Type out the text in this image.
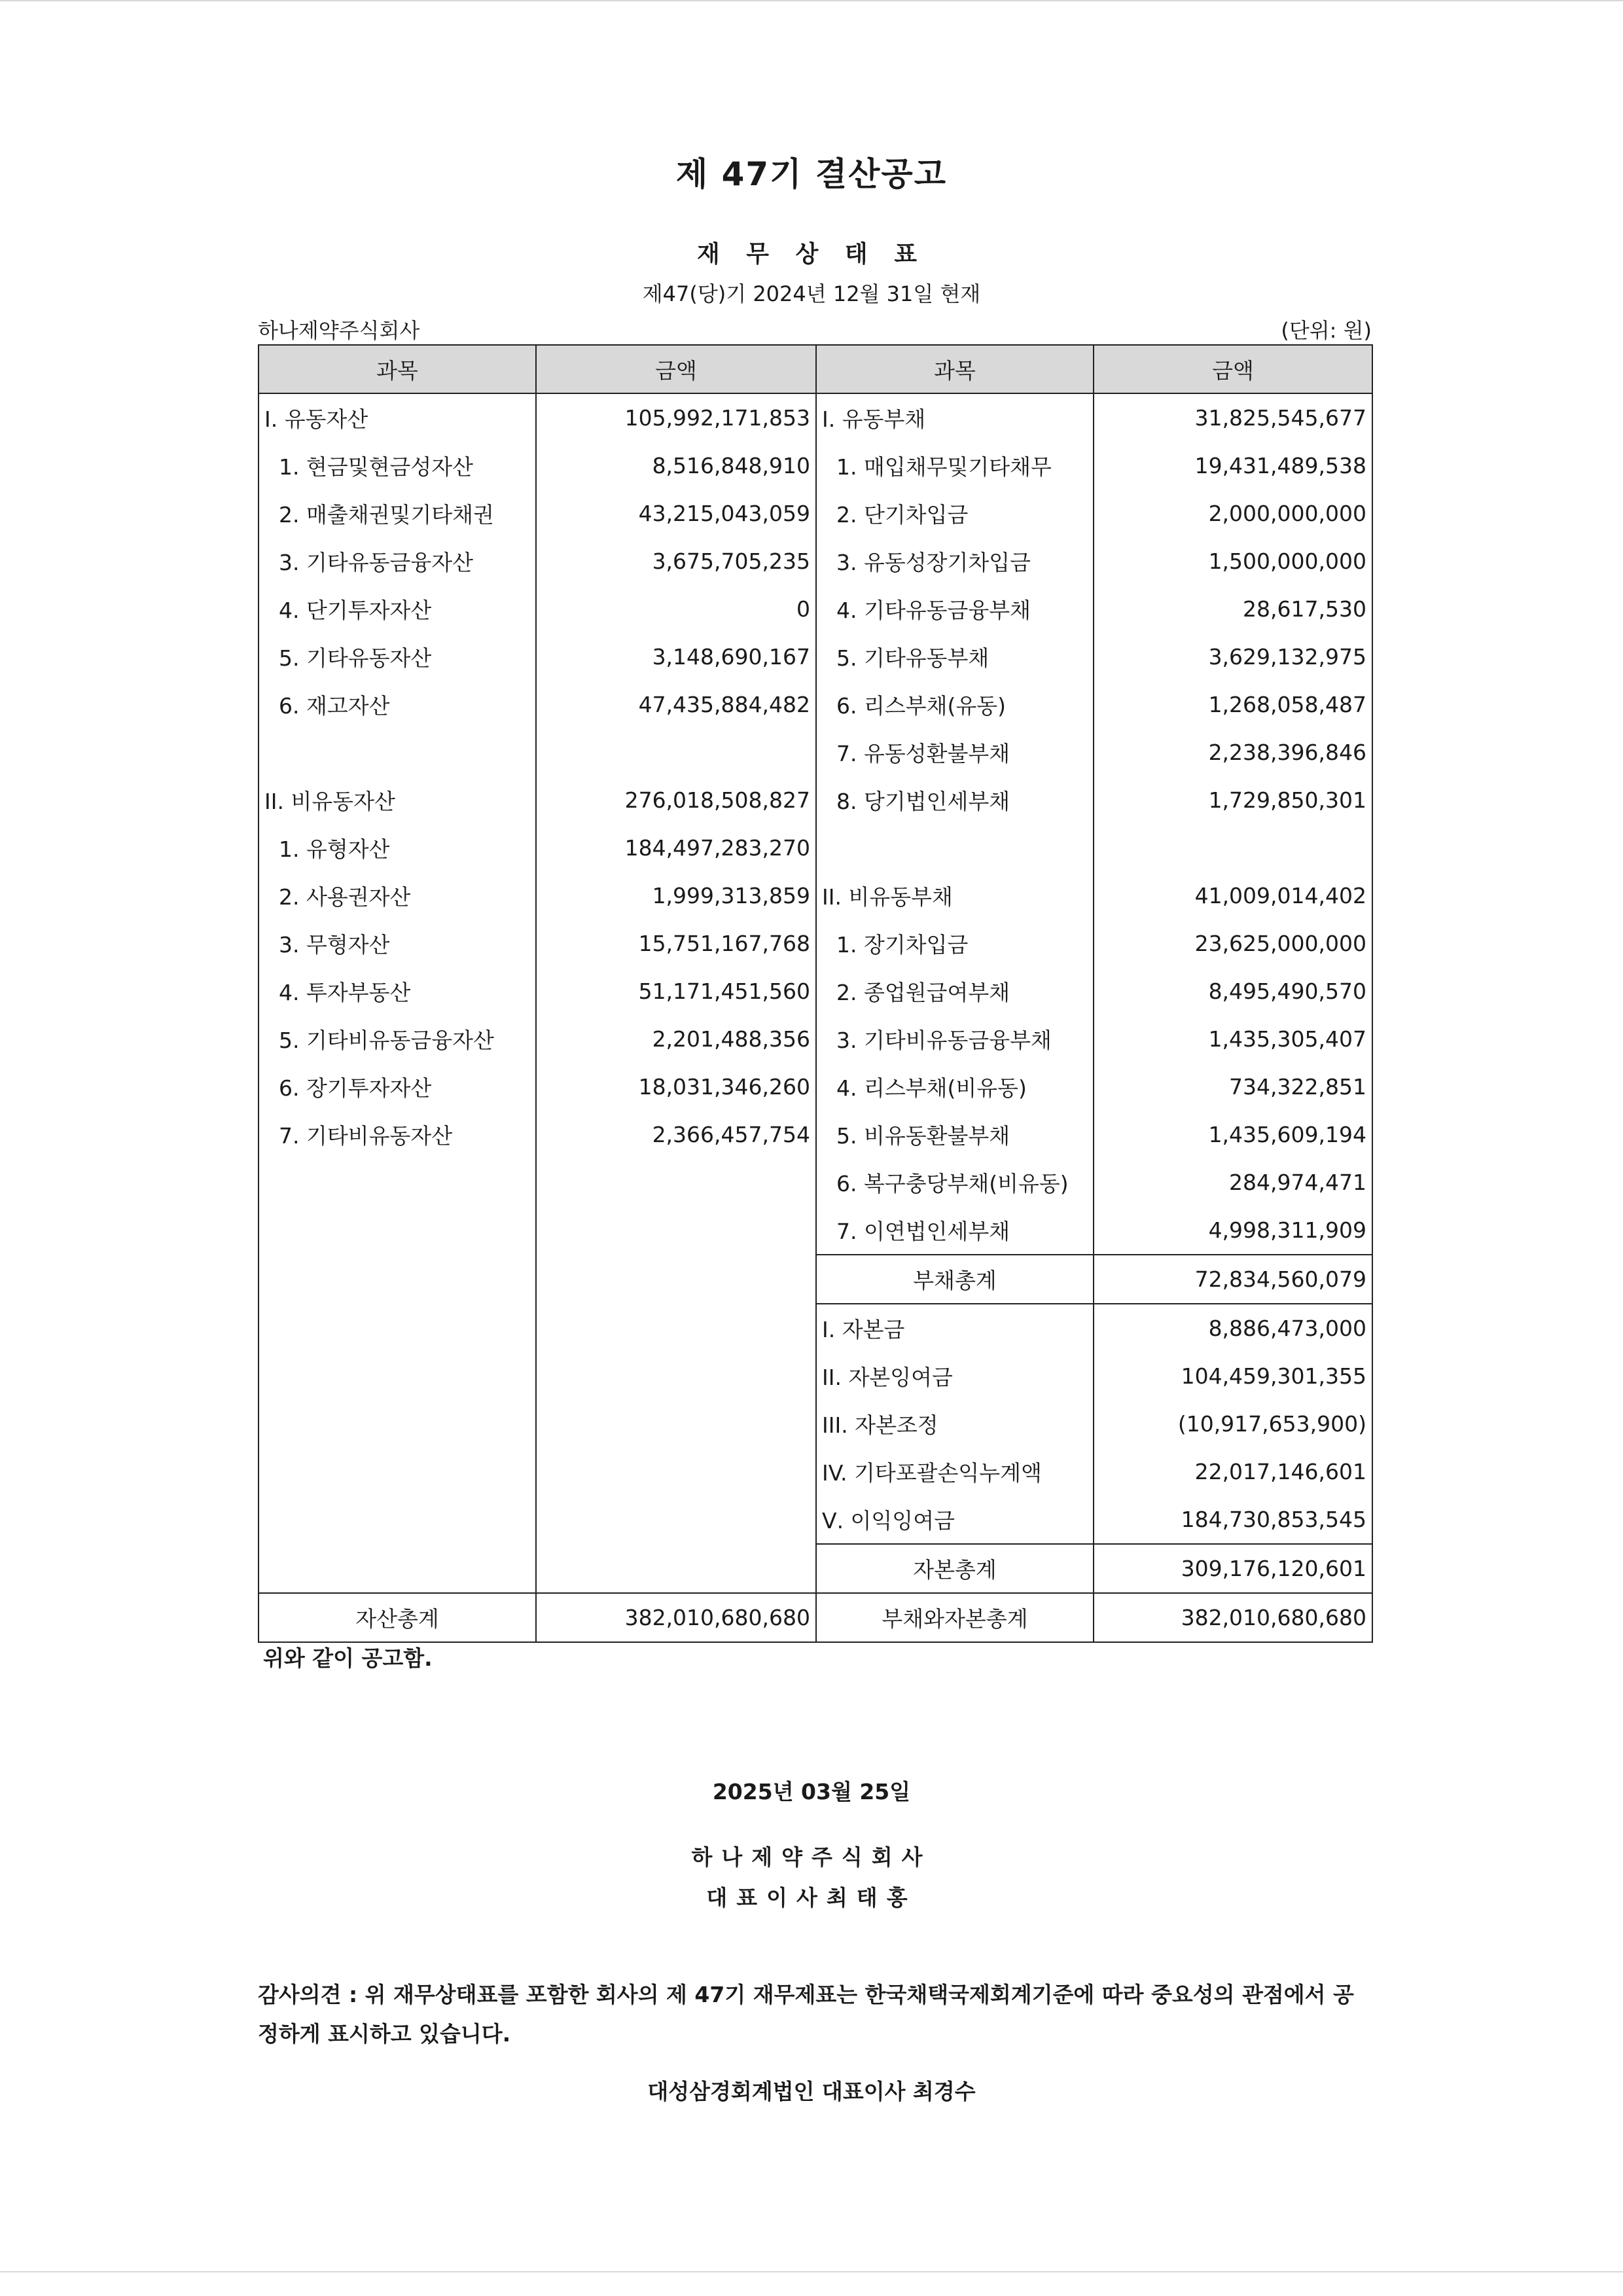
제 47기 결산공고
재 무 상 태 표
제47(당)기 2024년 12월 31일 현재
하나제약주식회사	(단위: 원)
과목	금액	과목	금액
I. 유동자산	105,992,171,853	I. 유동부채	31,825,545,677
1. 현금및현금성자산	8,516,848,910	1. 매입채무및기타채무	19,431,489,538
2. 매출채권및기타채권	43,215,043,059	2. 단기차입금	2,000,000,000
3. 기타유동금융자산	3,675,705,235	3. 유동성장기차입금	1,500,000,000
4. 단기투자자산	0	4. 기타유동금융부채	28,617,530
5. 기타유동자산	3,148,690,167	5. 기타유동부채	3,629,132,975
6. 재고자산	47,435,884,482	6. 리스부채(유동)	1,268,058,487
		7. 유동성환불부채	2,238,396,846
II. 비유동자산	276,018,508,827	8. 당기법인세부채	1,729,850,301
1. 유형자산	184,497,283,270		
2. 사용권자산	1,999,313,859	II. 비유동부채	41,009,014,402
3. 무형자산	15,751,167,768	1. 장기차입금	23,625,000,000
4. 투자부동산	51,171,451,560	2. 종업원급여부채	8,495,490,570
5. 기타비유동금융자산	2,201,488,356	3. 기타비유동금융부채	1,435,305,407
6. 장기투자자산	18,031,346,260	4. 리스부채(비유동)	734,322,851
7. 기타비유동자산	2,366,457,754	5. 비유동환불부채	1,435,609,194
		6. 복구충당부채(비유동)	284,974,471
		7. 이연법인세부채	4,998,311,909
		부채총계	72,834,560,079
		I. 자본금	8,886,473,000
		II. 자본잉여금	104,459,301,355
		III. 자본조정	(10,917,653,900)
		IV. 기타포괄손익누계액	22,017,146,601
		Ⅴ. 이익잉여금	184,730,853,545
		자본총계	309,176,120,601
자산총계	382,010,680,680	부채와자본총계	382,010,680,680
위와 같이 공고함.
2025년 03월 25일
하나제약주식회사
대표이사최태홍
감사의견 : 위 재무상태표를 포함한 회사의 제 47기 재무제표는 한국채택국제회계기준에 따라 중요성의 관점에서 공정하게 표시하고 있습니다.
대성삼경회계법인 대표이사 최경수
